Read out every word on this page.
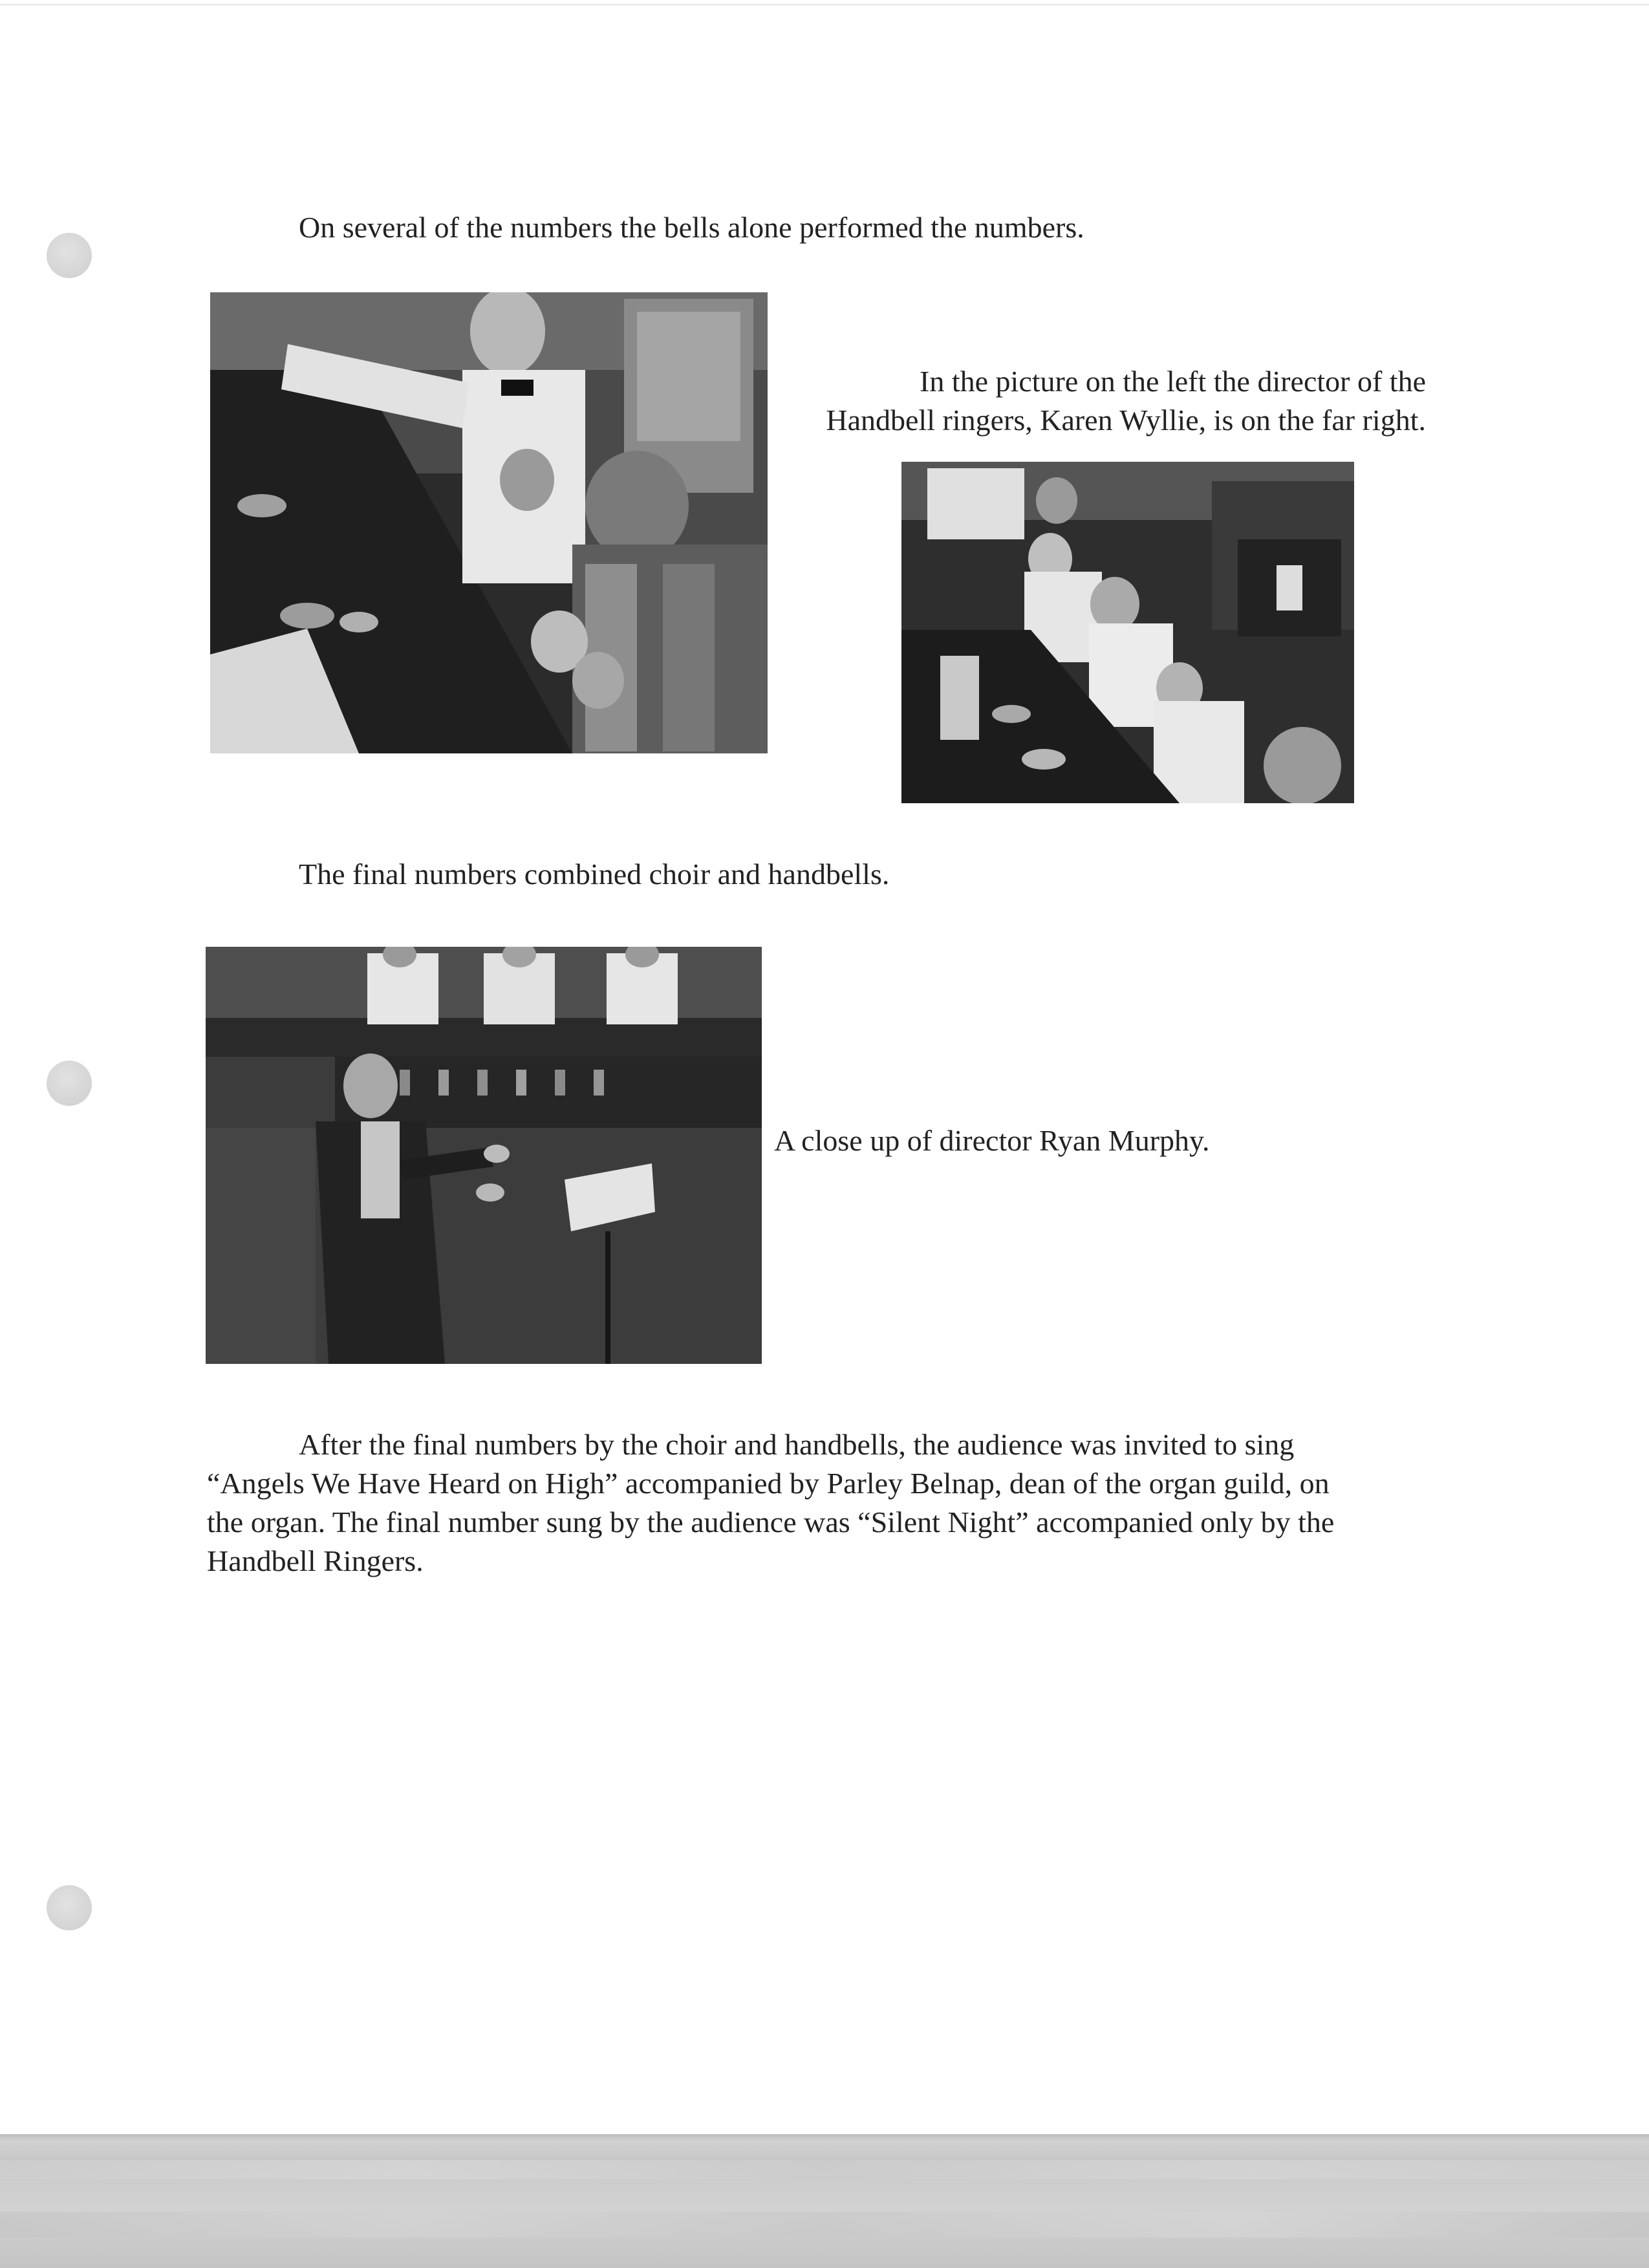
On several of the numbers the bells alone performed the numbers.
In the picture on the left the director of the
Handbell ringers, Karen Wyllie, is on the far right.
The final numbers combined choir and handbells.
A close up of director Ryan Murphy.
After the final numbers by the choir and handbells, the audience was invited to sing
“Angels We Have Heard on High” accompanied by Parley Belnap, dean of the organ guild, on
the organ. The final number sung by the audience was “Silent Night” accompanied only by the
Handbell Ringers.
